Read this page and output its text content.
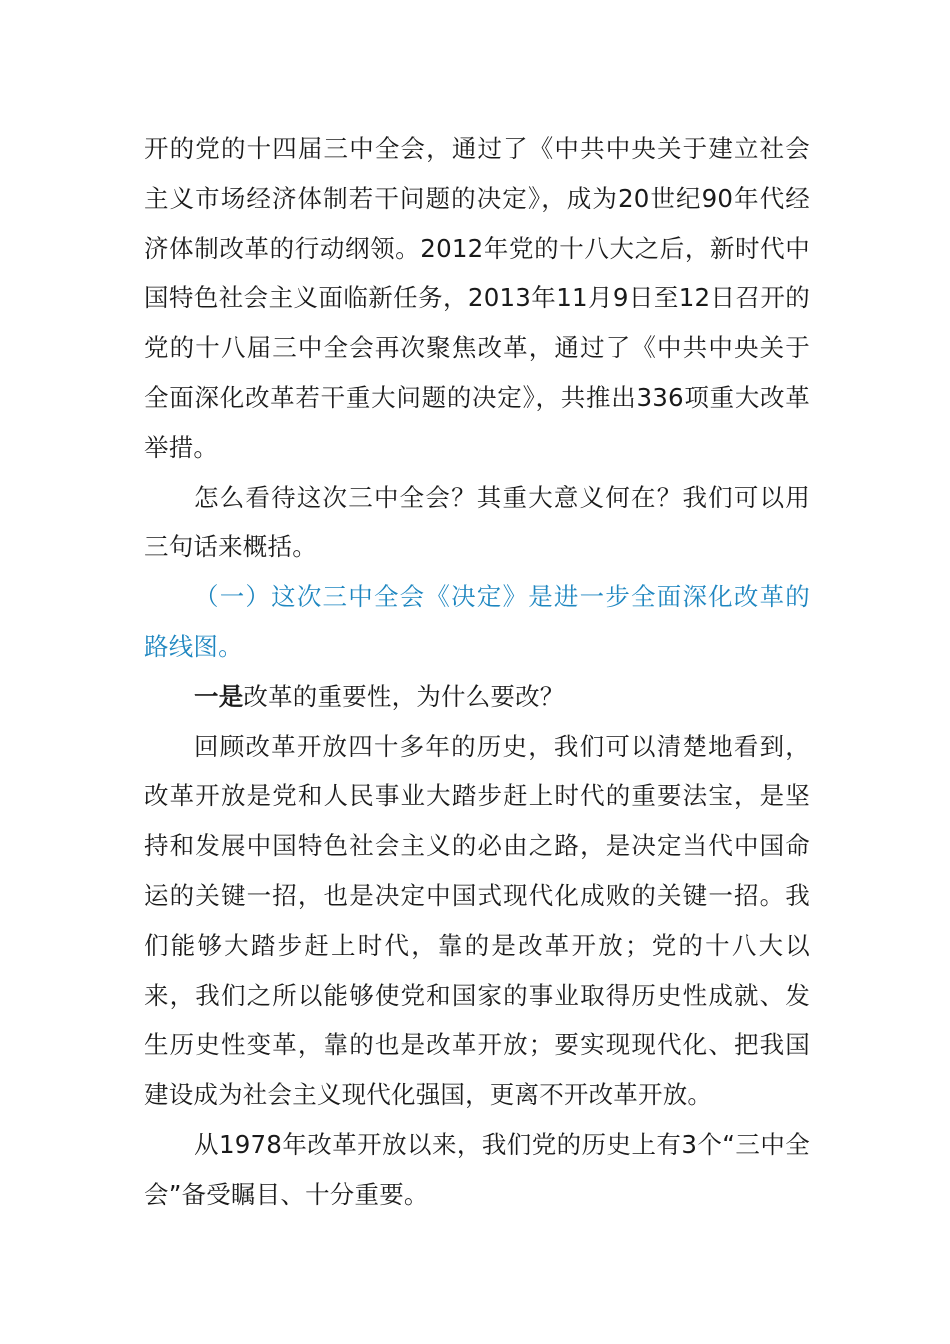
开的党的十四届三中全会，通过了《中共中央关于建立社会主义市场经济体制若干问题的决定》，成为20世纪90年代经济体制改革的行动纲领。2012年党的十八大之后，新时代中国特色社会主义面临新任务，2013年11月9日至12日召开的党的十八届三中全会再次聚焦改革，通过了《中共中央关于全面深化改革若干重大问题的决定》，共推出336项重大改革举措。

怎么看待这次三中全会？其重大意义何在？我们可以用三句话来概括。

（一）这次三中全会《决定》是进一步全面深化改革的路线图。

一是改革的重要性，为什么要改？

回顾改革开放四十多年的历史，我们可以清楚地看到，改革开放是党和人民事业大踏步赶上时代的重要法宝，是坚持和发展中国特色社会主义的必由之路，是决定当代中国命运的关键一招，也是决定中国式现代化成败的关键一招。我们能够大踏步赶上时代，靠的是改革开放；党的十八大以来，我们之所以能够使党和国家的事业取得历史性成就、发生历史性变革，靠的也是改革开放；要实现现代化、把我国建设成为社会主义现代化强国，更离不开改革开放。

从1978年改革开放以来，我们党的历史上有3个“三中全会”备受瞩目、十分重要。
